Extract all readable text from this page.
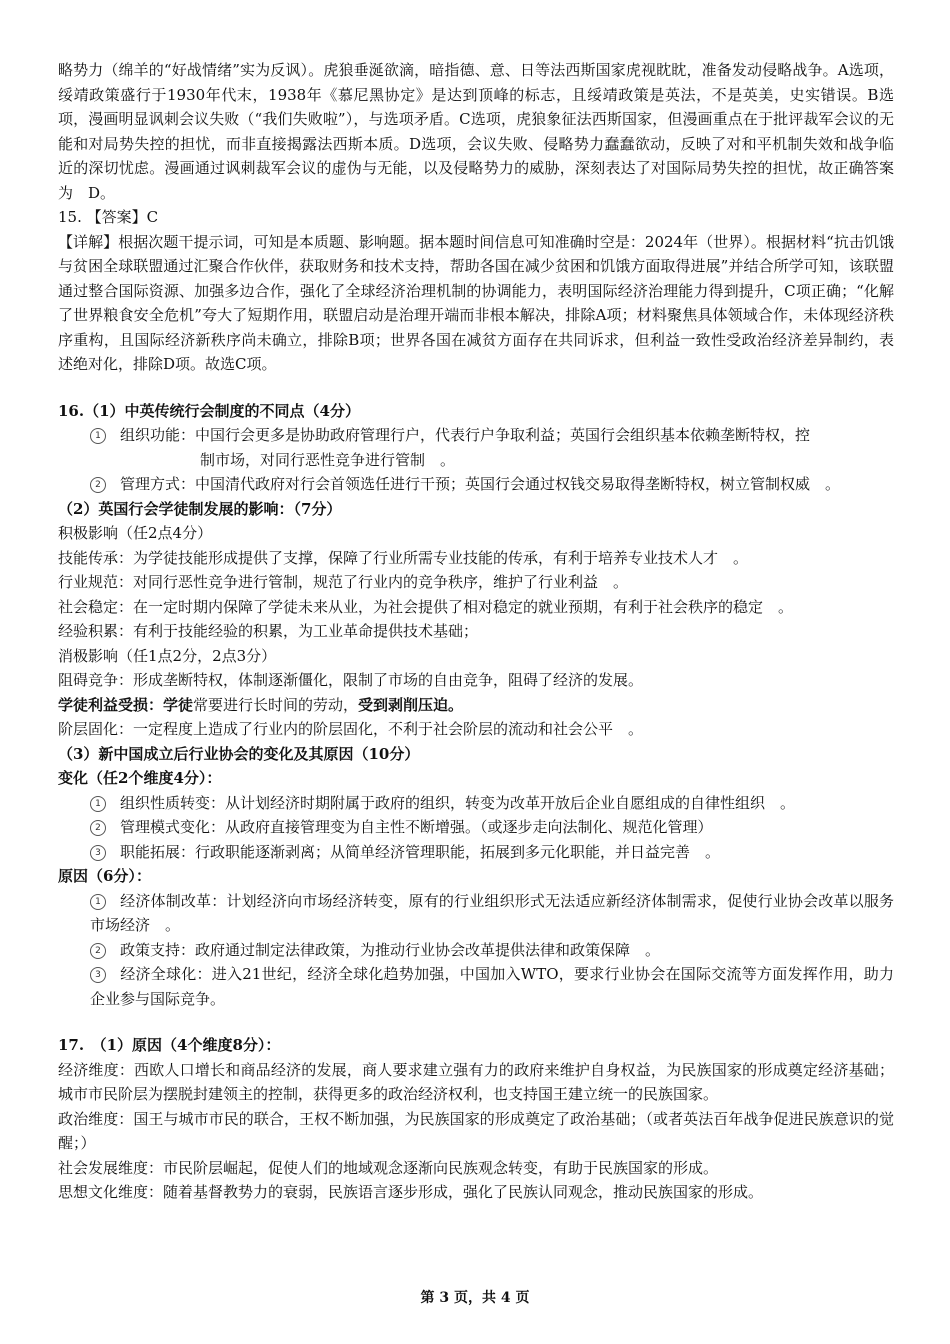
略势力（绵羊的“好战情绪”实为反讽）。虎狼垂涎欲滴，暗指德、意、日等法西斯国家虎视眈眈，准备发动侵略战争。A选项，绥靖政策盛行于1930年代末，1938年《慕尼黑协定》是达到顶峰的标志，且绥靖政策是英法，不是英美，史实错误。B选项，漫画明显讽刺会议失败（“我们失败啦”），与选项矛盾。C选项，虎狼象征法西斯国家，但漫画重点在于批评裁军会议的无能和对局势失控的担忧，而非直接揭露法西斯本质。D选项，会议失败、侵略势力蠢蠢欲动，反映了对和平机制失效和战争临近的深切忧虑。漫画通过讽刺裁军会议的虚伪与无能，以及侵略势力的威胁，深刻表达了对国际局势失控的担忧，故正确答案为　D。

15. 【答案】C

【详解】根据次题干提示词，可知是本质题、影响题。据本题时间信息可知准确时空是：2024年（世界）。根据材料“抗击饥饿与贫困全球联盟通过汇聚合作伙伴，获取财务和技术支持，帮助各国在减少贫困和饥饿方面取得进展”并结合所学可知，该联盟通过整合国际资源、加强多边合作，强化了全球经济治理机制的协调能力，表明国际经济治理能力得到提升，C项正确；“化解了世界粮食安全危机”夸大了短期作用，联盟启动是治理开端而非根本解决，排除A项；材料聚焦具体领域合作，未体现经济秩序重构，且国际经济新秩序尚未确立，排除B项；世界各国在减贫方面存在共同诉求，但利益一致性受政治经济差异制约，表述绝对化，排除D项。故选C项。

16.（1）中英传统行会制度的不同点（4分）

1 组织功能：中国行会更多是协助政府管理行户，代表行户争取利益；英国行会组织基本依赖垄断特权，控

制市场，对同行恶性竞争进行管制　。

2 管理方式：中国清代政府对行会首领选任进行干预；英国行会通过权钱交易取得垄断特权，树立管制权威　。

（2）英国行会学徒制发展的影响：（7分）

积极影响（任2点4分）

技能传承：为学徒技能形成提供了支撑，保障了行业所需专业技能的传承，有利于培养专业技术人才　。

行业规范：对同行恶性竞争进行管制，规范了行业内的竞争秩序，维护了行业利益　。

社会稳定：在一定时期内保障了学徒未来从业，为社会提供了相对稳定的就业预期，有利于社会秩序的稳定　。

经验积累：有利于技能经验的积累，为工业革命提供技术基础；

消极影响（任1点2分，2点3分）

阻碍竞争：形成垄断特权，体制逐渐僵化，限制了市场的自由竞争，阻碍了经济的发展。

学徒利益受损：学徒常要进行长时间的劳动，受到剥削压迫。

阶层固化：一定程度上造成了行业内的阶层固化，不利于社会阶层的流动和社会公平　。

（3）新中国成立后行业协会的变化及其原因（10分）

变化（任2个维度4分）：

1 组织性质转变：从计划经济时期附属于政府的组织，转变为改革开放后企业自愿组成的自律性组织　。

2 管理模式变化：从政府直接管理变为自主性不断增强。（或逐步走向法制化、规范化管理）

3 职能拓展：行政职能逐渐剥离；从简单经济管理职能，拓展到多元化职能，并日益完善　。

原因（6分）：

1 经济体制改革：计划经济向市场经济转变，原有的行业组织形式无法适应新经济体制需求，促使行业协会改革以服务市场经济　。

2 政策支持：政府通过制定法律政策，为推动行业协会改革提供法律和政策保障　。

3 经济全球化：进入21世纪，经济全球化趋势加强，中国加入WTO，要求行业协会在国际交流等方面发挥作用，助力企业参与国际竞争。

17.　（1）原因（4个维度8分）：

经济维度：西欧人口增长和商品经济的发展，商人要求建立强有力的政府来维护自身权益，为民族国家的形成奠定经济基础；城市市民阶层为摆脱封建领主的控制，获得更多的政治经济权利，也支持国王建立统一的民族国家。

政治维度：国王与城市市民的联合，王权不断加强，为民族国家的形成奠定了政治基础；（或者英法百年战争促进民族意识的觉醒；）

社会发展维度：市民阶层崛起，促使人们的地域观念逐渐向民族观念转变，有助于民族国家的形成。

思想文化维度：随着基督教势力的衰弱，民族语言逐步形成，强化了民族认同观念，推动民族国家的形成。

第 3 页，共 4 页
